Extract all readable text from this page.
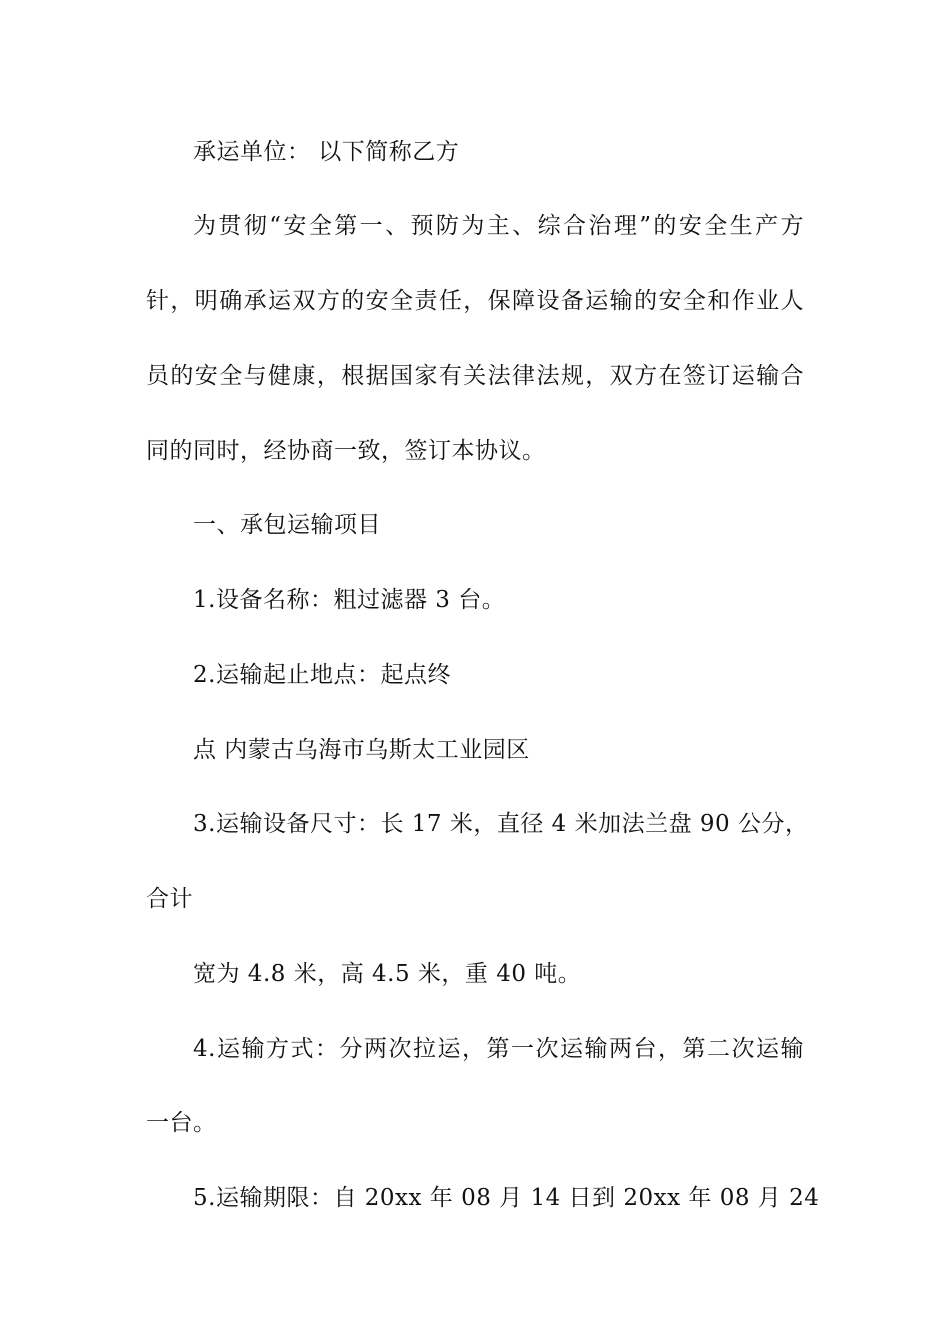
承运单位： 以下简称乙方
为贯彻“安全第一、预防为主、综合治理”的安全生产方
针，明确承运双方的安全责任，保障设备运输的安全和作业人
员的安全与健康，根据国家有关法律法规，双方在签订运输合
同的同时，经协商一致，签订本协议。
一、承包运输项目
1.设备名称：粗过滤器 3 台。
2.运输起止地点：起点终
点 内蒙古乌海市乌斯太工业园区
3.运输设备尺寸：长 17 米，直径 4 米加法兰盘 90 公分，
合计
宽为 4.8 米，高 4.5 米，重 40 吨。
4.运输方式：分两次拉运，第一次运输两台，第二次运输
一台。
5.运输期限：自 20xx 年 08 月 14 日到 20xx 年 08 月 24
